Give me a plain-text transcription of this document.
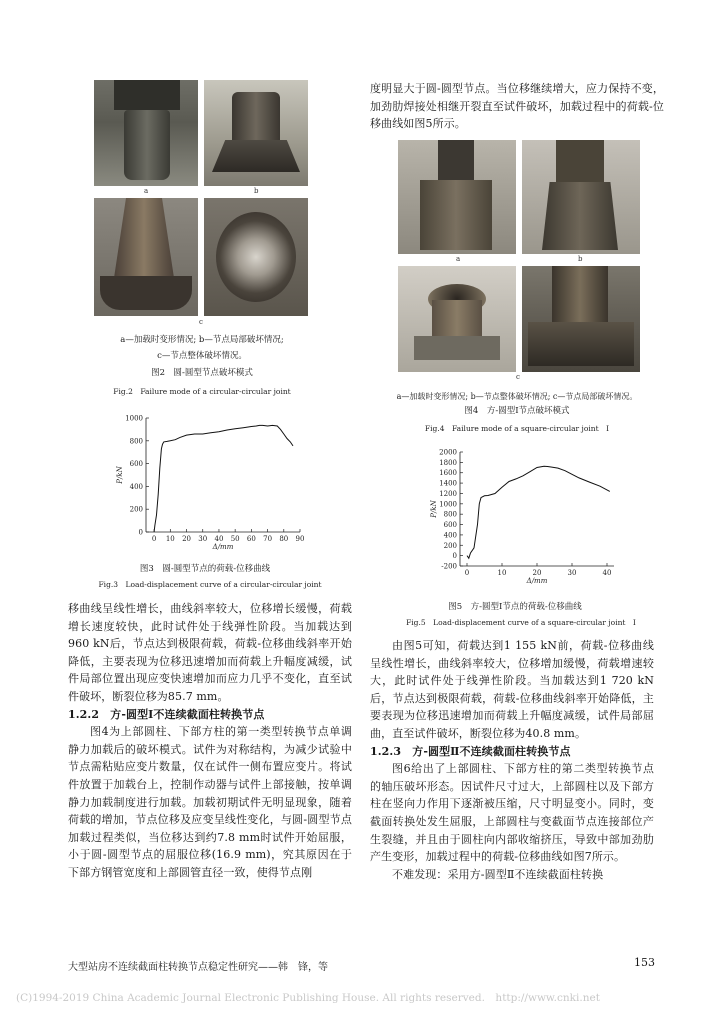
度明显大于圆-圆型节点。当位移继续增大，应力保持不变，加劲肋焊接处相继开裂直至试件破坏，加载过程中的荷载-位移曲线如图5所示。

a	b
c
a—加载时变形情况; b—节点局部破坏情况;
c—节点整体破坏情况。
图2　圆-圆型节点破坏模式
Fig.2　Failure mode of a circular-circular joint
a	b
c
a—加载时变形情况; b—节点整体破坏情况; c—节点局部破坏情况。
图4　方-圆型Ⅰ节点破坏模式
Fig.4　Failure mode of a square-circular joint　Ⅰ
0
200
400
600
800
1000
0 10 20 30 40 50 60 70 80 90
Δ/mm
P/kN
图3　圆-圆型节点的荷载-位移曲线
Fig.3　Load-displacement curve of a circular-circular joint
-200
0
200
400
600
800
1000
1200
1400
1600
1800
2000
0	10	20	30	40
Δ/mm
P/kN
图5　方-圆型Ⅰ节点的荷载-位移曲线
Fig.5　Load-displacement curve of a square-circular joint　Ⅰ

移曲线呈线性增长，曲线斜率较大，位移增长缓慢，荷载增长速度较快，此时试件处于线弹性阶段。当加载达到960 kN后，节点达到极限荷载，荷载-位移曲线斜率开始降低，主要表现为位移迅速增加而荷载上升幅度减缓，试件局部位置出现应变快速增加而应力几乎不变化，直至试件破坏，断裂位移为85.7 mm。

1.2.2　方-圆型Ⅰ不连续截面柱转换节点

图4为上部圆柱、下部方柱的第一类型转换节点单调静力加载后的破坏模式。试件为对称结构，为减少试验中节点需粘贴应变片数量，仅在试件一侧布置应变片。将试件放置于加载台上，控制作动器与试件上部接触，按单调静力加载制度进行加载。加载初期试件无明显现象，随着荷载的增加，节点位移及应变呈线性变化，与圆-圆型节点加载过程类似，当位移达到约7.8 mm时试件开始屈服，小于圆-圆型节点的屈服位移(16.9 mm)，究其原因在于下部方钢管宽度和上部圆管直径一致，使得节点刚

由图5可知，荷载达到1 155 kN前，荷载-位移曲线呈线性增长，曲线斜率较大，位移增加缓慢，荷载增速较大，此时试件处于线弹性阶段。当加载达到1 720 kN后，节点达到极限荷载，荷载-位移曲线斜率开始降低，主要表现为位移迅速增加而荷载上升幅度减缓，试件局部屈曲，直至试件破坏，断裂位移为40.8 mm。

1.2.3　方-圆型Ⅱ不连续截面柱转换节点

图6给出了上部圆柱、下部方柱的第二类型转换节点的轴压破坏形态。因试件尺寸过大，上部圆柱以及下部方柱在竖向力作用下逐渐被压缩，尺寸明显变小。同时，变截面转换处发生屈服，上部圆柱与变截面节点连接部位产生裂缝，并且由于圆柱向内部收缩挤压，导致中部加劲肋产生变形，加载过程中的荷载-位移曲线如图7所示。

不难发现：采用方-圆型Ⅱ不连续截面柱转换

大型站房不连续截面柱转换节点稳定性研究——韩　锋，等	153
(C)1994-2019 China Academic Journal Electronic Publishing House. All rights reserved.　http://www.cnki.net
